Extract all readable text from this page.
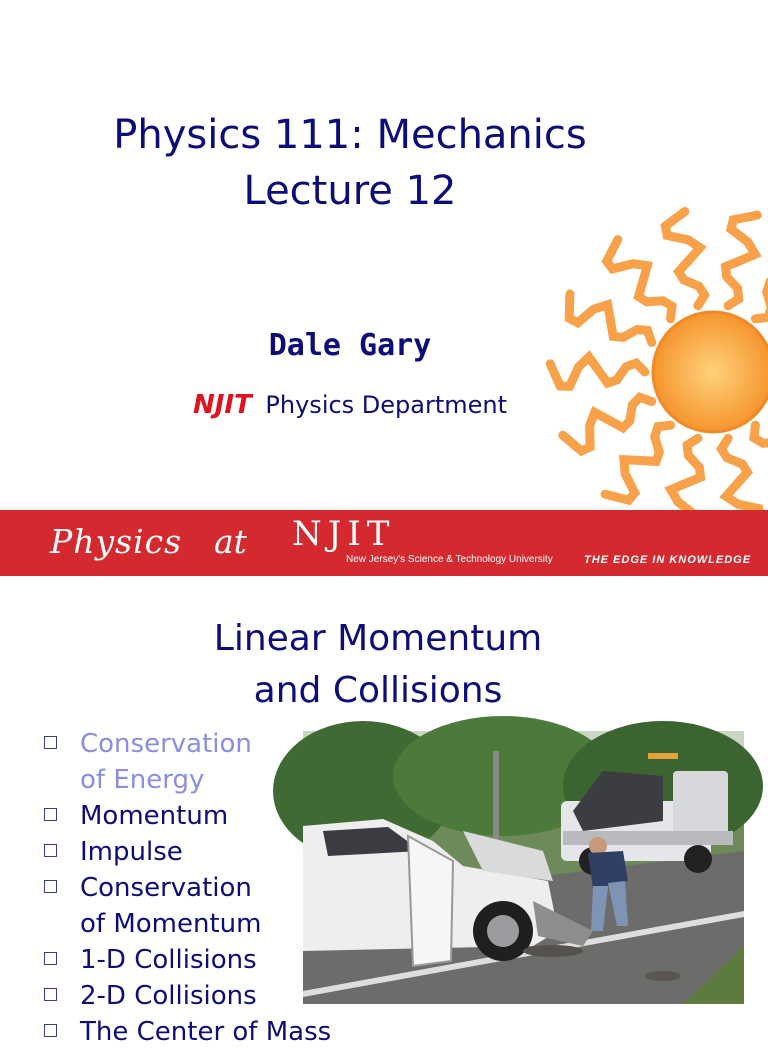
Physics 111: Mechanics
Lecture 12
Dale Gary
NJIT Physics Department
Physics at NJIT
New Jersey's Science & Technology University	THE EDGE IN KNOWLEDGE
Linear Momentum
and Collisions
Conservation
of Energy
Momentum
Impulse
Conservation
of Momentum
1-D Collisions
2-D Collisions
The Center of Mass
